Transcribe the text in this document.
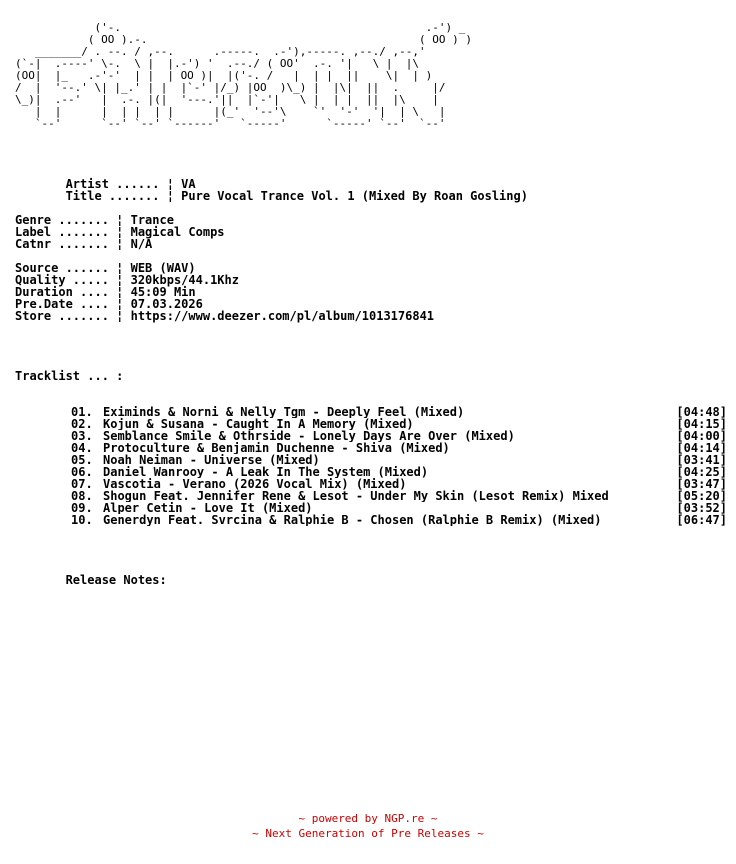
('-.                                              .-') _
( OO ).-.                                         ( OO ) )
_______/ . --. / ,--.      .-----.  .-'),-----. ,--./ ,--,'
(`-|  .----' \-.  \ |  |.-') '  .--./ ( OO'  .-. '|   \ |  |\
(OO|  |_   .-'-'  | |  | OO )|  |('-. /   |  | |  ||    \|  | )
/  |  '--.' \| |_.' | |  |`-' |/_) |OO  )\_) |  |\|  ||  .     |/
\_)|  .--'   |  .-. |(|  '---.'||  |`-'|   \ |  | |  ||  |\    |
|  |      |  | |  | |      |(_'  '--'\    `'  '-'  '|  | \   |
`--'      `--' `--' `------'   `-----'      `-----' `--'  `--'
Artist ...... ¦ VA
Title ....... ¦ Pure Vocal Trance Vol. 1 (Mixed By Roan Gosling)
Genre ....... ¦ Trance
Label ....... ¦ Magical Comps
Catnr ....... ¦ N/A
Source ...... ¦ WEB (WAV)
Quality ..... ¦ 320kbps/44.1Khz
Duration .... ¦ 45:09 Min
Pre.Date .... ¦ 07.03.2026
Store ....... ¦ https://www.deezer.com/pl/album/1013176841
Tracklist ... :
01. Eximinds & Norni & Nelly Tgm - Deeply Feel (Mixed)	[04:48]
02. Kojun & Susana - Caught In A Memory (Mixed)	[04:15]
03. Semblance Smile & Othrside - Lonely Days Are Over (Mixed)	[04:00]
04. Protoculture & Benjamin Duchenne - Shiva (Mixed)	[04:14]
05. Noah Neiman - Universe (Mixed)	[03:41]
06. Daniel Wanrooy - A Leak In The System (Mixed)	[04:25]
07. Vascotia - Verano (2026 Vocal Mix) (Mixed)	[03:47]
08. Shogun Feat. Jennifer Rene & Lesot - Under My Skin (Lesot Remix) Mixed	[05:20]
09. Alper Cetin - Love It (Mixed)	[03:52]
10. Generdyn Feat. Svrcina & Ralphie B - Chosen (Ralphie B Remix) (Mixed)	[06:47]
Release Notes:
~ powered by NGP.re ~
~ Next Generation of Pre Releases ~
